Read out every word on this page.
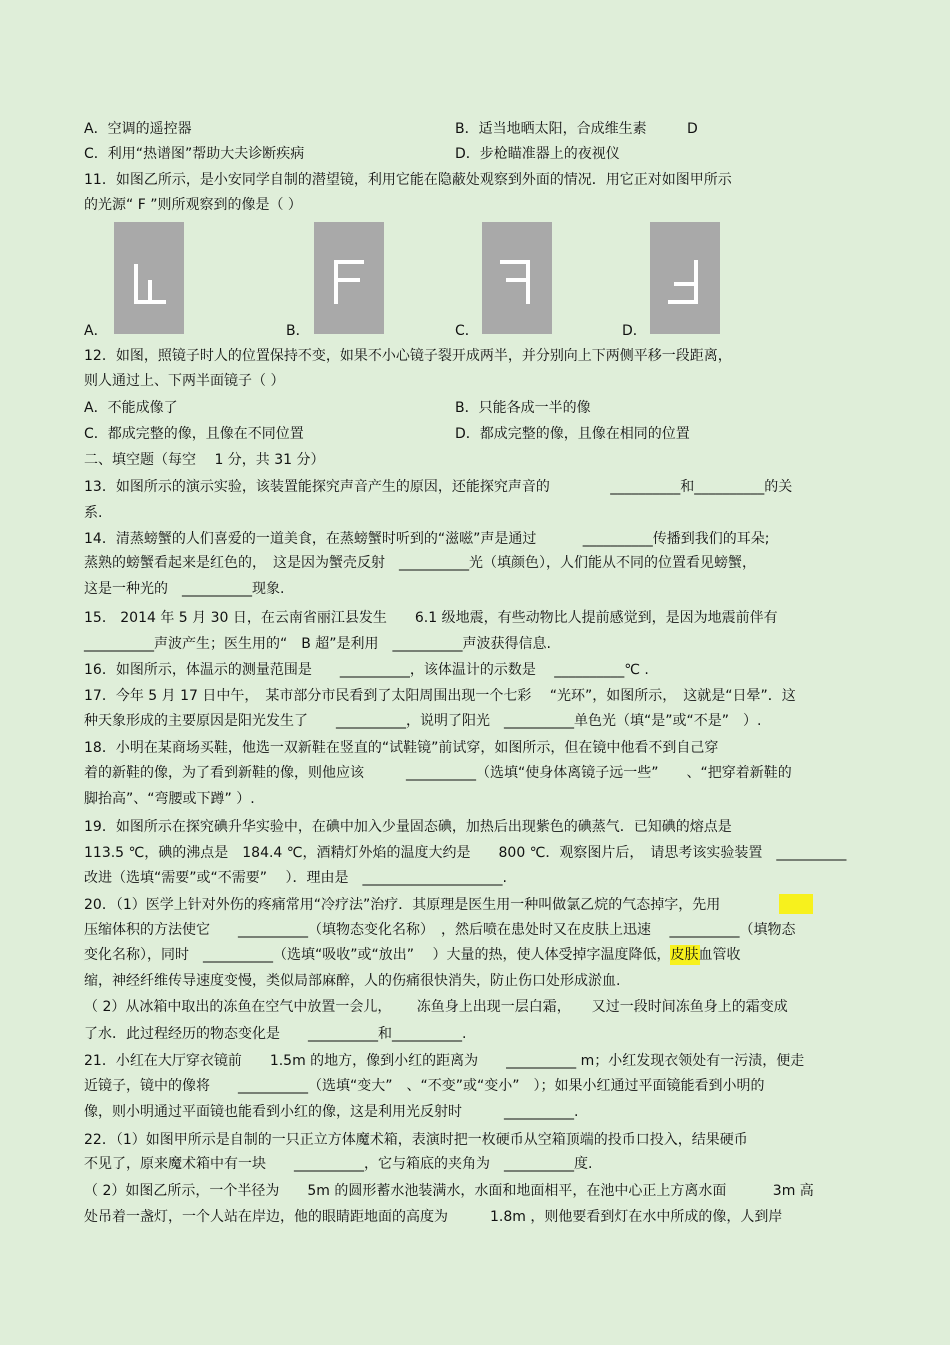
A．空调的遥控器	B．适当地晒太阳，合成维生素	D
C．利用“热谱图”帮助大夫诊断疾病	D．步枪瞄准器上的夜视仪
11．如图乙所示，是小安同学自制的潜望镜，利用它能在隐蔽处观察到外面的情况．用它正对如图甲所示
的光源“ F ”则所观察到的像是（ ）
A．	B．	C．	D．
12．如图，照镜子时人的位置保持不变，如果不小心镜子裂开成两半，并分别向上下两侧平移一段距离，
则人通过上、下两半面镜子（ ）
A．不能成像了	B．只能各成一半的像
C．都成完整的像，且像在不同位置	D．都成完整的像，且像在相同的位置
二、填空题（每空　 1 分，共 31 分）
13．如图所示的演示实验，该装置能探究声音产生的原因，还能探究声音的　　　　 __________和__________的关
系.
14．清蒸螃蟹的人们喜爱的一道美食，在蒸螃蟹时听到的“滋嗞”声是通过　　　 __________传播到我们的耳朵;
蒸熟的螃蟹看起来是红色的，　这是因为蟹壳反射　__________光（填颜色），人们能从不同的位置看见螃蟹，
这是一种光的　__________现象.
15． 2014 年 5 月 30 日，在云南省丽江县发生　　6.1 级地震，有些动物比人提前感觉到，是因为地震前伴有
__________声波产生；医生用的“　B 超”是利用　__________声波获得信息.
16．如图所示，体温示的测量范围是　　__________，该体温计的示数是　 __________℃ .
17．今年 5 月 17 日中午，　某市部分市民看到了太阳周围出现一个七彩　 “光环”，如图所示，　这就是“日晕”．这
种天象形成的主要原因是阳光发生了　　__________，说明了阳光　__________单色光（填“是”或“不是”　）.
18．小明在某商场买鞋，他选一双新鞋在竖直的“试鞋镜”前试穿，如图所示，但在镜中他看不到自己穿
着的新鞋的像，为了看到新鞋的像，则他应该　　　__________（选填“使身体离镜子远一些”　　、“把穿着新鞋的
脚抬高”、“弯腰或下蹲” ）.
19．如图所示在探究碘升华实验中，在碘中加入少量固态碘，加热后出现紫色的碘蒸气．已知碘的熔点是
113.5 ℃，碘的沸点是　184.4 ℃，酒精灯外焰的温度大约是　　800 ℃．观察图片后，　请思考该实验装置　__________
改进（选填“需要”或“不需要”　 ）．理由是　____________________.
20．（1）医学上针对外伤的疼痛常用“冷疗法”治疗．其原理是医生用一种叫做氯乙烷的气态掉字，先用
压缩体积的方法使它　　__________（填物态变化名称）　，然后喷在患处时又在皮肤上迅速　 __________（填物态
变化名称），同时　__________（选填“吸收”或“放出”　 ）大量的热，使人体受掉字温度降低，皮肤血管收
缩，神经纤维传导速度变慢，类似局部麻醉，人的伤痛很快消失，防止伤口处形成淤血.
（ 2）从冰箱中取出的冻鱼在空气中放置一会儿，　　 冻鱼身上出现一层白霜，　　又过一段时间冻鱼身上的霜变成
了水．此过程经历的物态变化是　　__________和__________.
21．小红在大厅穿衣镜前　　1.5m 的地方，像到小红的距离为　　__________ m；小红发现衣领处有一污渍，便走
近镜子，镜中的像将　　__________（选填“变大”　、“不变”或“变小”　）；如果小红通过平面镜能看到小明的
像，则小明通过平面镜也能看到小红的像，这是利用光反射时　　　__________.
22．（1）如图甲所示是自制的一只正立方体魔术箱，表演时把一枚硬币从空箱顶端的投币口投入，结果硬币
不见了，原来魔术箱中有一块　　__________，它与箱底的夹角为　__________度.
（ 2）如图乙所示，一个半径为　　5m 的圆形蓄水池装满水，水面和地面相平，在池中心正上方离水面　　　 3m 高
处吊着一盏灯，一个人站在岸边，他的眼睛距地面的高度为　　　1.8m ，则他要看到灯在水中所成的像，人到岸
